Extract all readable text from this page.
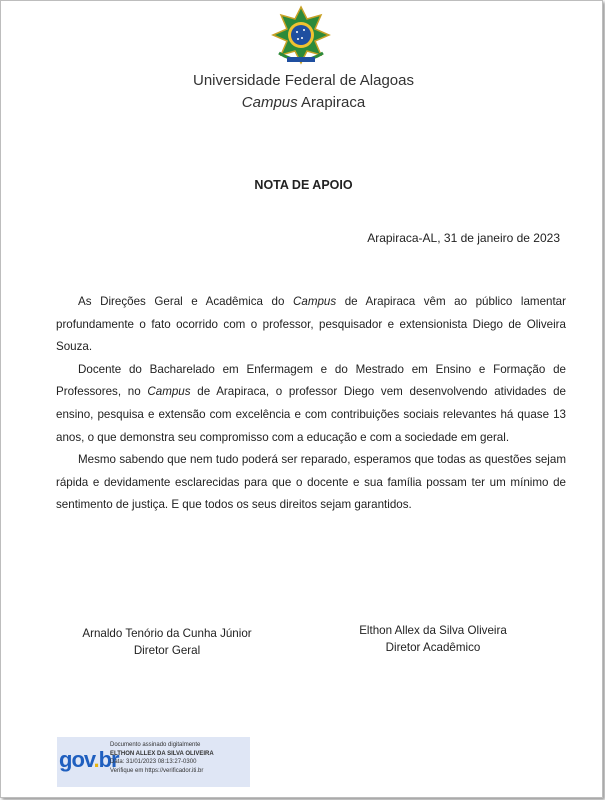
Universidade Federal de Alagoas
Campus Arapiraca
NOTA DE APOIO
Arapiraca-AL, 31 de janeiro de 2023

As Direções Geral e Acadêmica do Campus de Arapiraca vêm ao público lamentar profundamente o fato ocorrido com o professor, pesquisador e extensionista Diego de Oliveira Souza.

Docente do Bacharelado em Enfermagem e do Mestrado em Ensino e Formação de Professores, no Campus de Arapiraca, o professor Diego vem desenvolvendo atividades de ensino, pesquisa e extensão com excelência e com contribuições sociais relevantes há quase 13 anos, o que demonstra seu compromisso com a educação e com a sociedade em geral.

Mesmo sabendo que nem tudo poderá ser reparado, esperamos que todas as questões sejam rápida e devidamente esclarecidas para que o docente e sua família possam ter um mínimo de sentimento de justiça. E que todos os seus direitos sejam garantidos.

Arnaldo Tenório da Cunha Júnior
Diretor Geral
Elthon Allex da Silva Oliveira
Diretor Acadêmico
gov.br
Documento assinado digitalmente
ELTHON ALLEX DA SILVA OLIVEIRA
Data: 31/01/2023 08:13:27-0300
Verifique em https://verificador.iti.br
